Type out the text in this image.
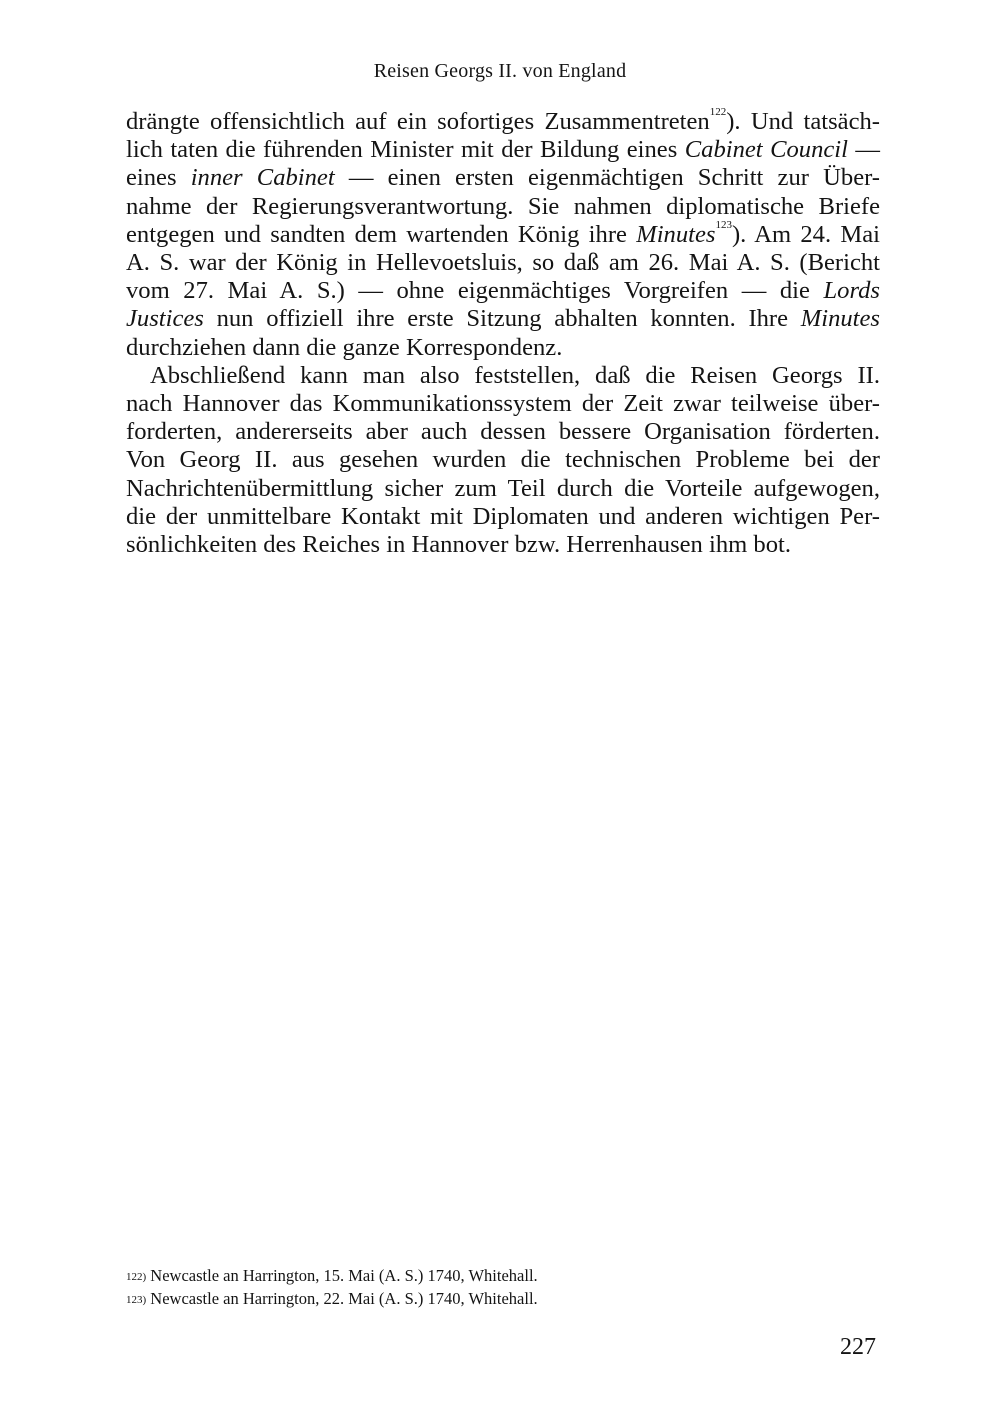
Reisen Georgs II. von England

drängte offensichtlich auf ein sofortiges Zusammentreten$^{122}$). Und tatsäch-
lich taten die führenden Minister mit der Bildung eines Cabinet Council —
eines inner Cabinet — einen ersten eigenmächtigen Schritt zur Über-
nahme der Regierungsverantwortung. Sie nahmen diplomatische Briefe
entgegen und sandten dem wartenden König ihre Minutes$^{123}$). Am 24. Mai
A. S. war der König in Hellevoetsluis, so daß am 26. Mai A. S. (Bericht
vom 27. Mai A. S.) — ohne eigenmächtiges Vorgreifen — die Lords
Justices nun offiziell ihre erste Sitzung abhalten konnten. Ihre Minutes
durchziehen dann die ganze Korrespondenz.

Abschließend kann man also feststellen, daß die Reisen Georgs II.
nach Hannover das Kommunikationssystem der Zeit zwar teilweise über-
forderten, andererseits aber auch dessen bessere Organisation förderten.
Von Georg II. aus gesehen wurden die technischen Probleme bei der
Nachrichtenübermittlung sicher zum Teil durch die Vorteile aufgewogen,
die der unmittelbare Kontakt mit Diplomaten und anderen wichtigen Per-
sönlichkeiten des Reiches in Hannover bzw. Herrenhausen ihm bot.

$^{122)}$ Newcastle an Harrington, 15. Mai (A. S.) 1740, Whitehall.
$^{123)}$ Newcastle an Harrington, 22. Mai (A. S.) 1740, Whitehall.
227
